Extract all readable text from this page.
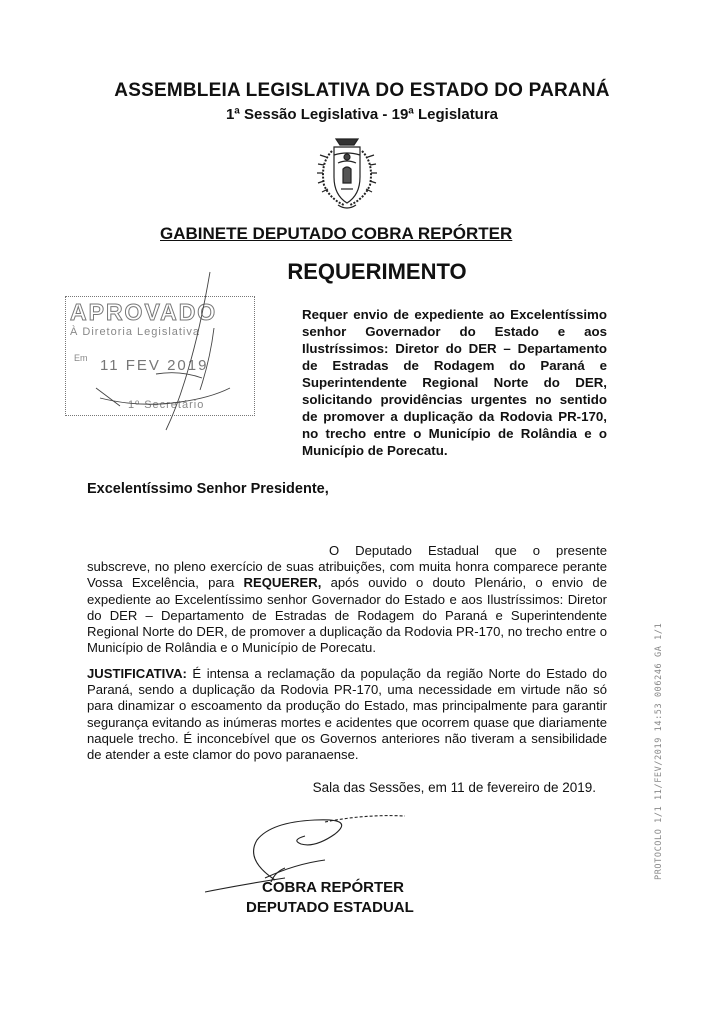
ASSEMBLEIA LEGISLATIVA DO ESTADO DO PARANÁ
1ª Sessão Legislativa - 19ª Legislatura
GABINETE DEPUTADO COBRA REPÓRTER
REQUERIMENTO
APROVADO
À Diretoria Legislativa
Em 11 FEV 2019
1º Secretário
Requer envio de expediente ao Excelentíssimo senhor Governador do Estado e aos Ilustríssimos: Diretor do DER – Departamento de Estradas de Rodagem do Paraná e Superintendente Regional Norte do DER, solicitando providências urgentes no sentido de promover a duplicação da Rodovia PR-170, no trecho entre o Município de Rolândia e o Município de Porecatu.
Excelentíssimo Senhor Presidente,
O Deputado Estadual que o presente subscreve, no pleno exercício de suas atribuições, com muita honra comparece perante Vossa Excelência, para REQUERER, após ouvido o douto Plenário, o envio de expediente ao Excelentíssimo senhor Governador do Estado e aos Ilustríssimos: Diretor do DER – Departamento de Estradas de Rodagem do Paraná e Superintendente Regional Norte do DER, de promover a duplicação da Rodovia PR-170, no trecho entre o Município de Rolândia e o Município de Porecatu.
JUSTIFICATIVA: É intensa a reclamação da população da região Norte do Estado do Paraná, sendo a duplicação da Rodovia PR-170, uma necessidade em virtude não só para dinamizar o escoamento da produção do Estado, mas principalmente para garantir segurança evitando as inúmeras mortes e acidentes que ocorrem quase que diariamente naquele trecho. É inconcebível que os Governos anteriores não tiveram a sensibilidade de atender a este clamor do povo paranaense.
Sala das Sessões, em 11 de fevereiro de 2019.
COBRA REPÓRTER
DEPUTADO ESTADUAL
PROTOCOLO 1/1 11/FEV/2019 14:53 006246 GA 1/1
